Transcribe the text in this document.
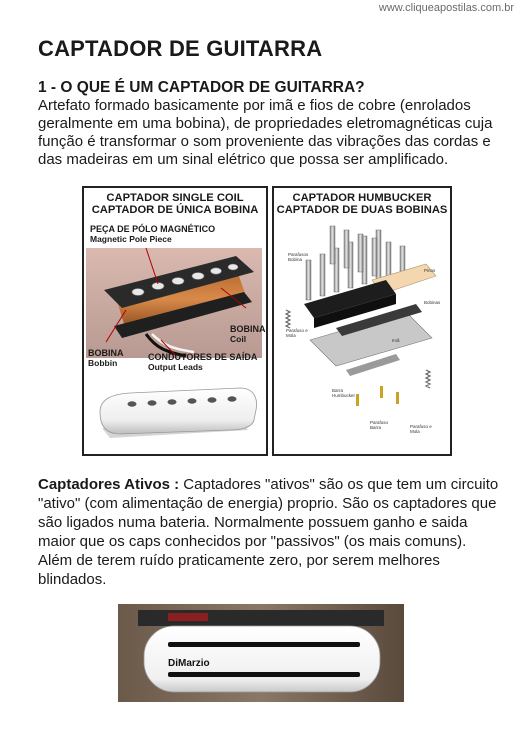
www.cliqueapostilas.com.br
CAPTADOR DE GUITARRA
1 - O QUE É UM CAPTADOR DE GUITARRA?

Artefato formado basicamente por imã e fios de cobre (enrolados geralmente em uma bobina), de propriedades eletromagnéticas cuja função é transformar o som proveniente das vibrações das cordas e das madeiras em um sinal elétrico que possa ser amplificado.

CAPTADOR SINGLE COIL
CAPTADOR DE ÚNICA BOBINA
PEÇA DE PÓLO MAGNÉTICO
Magnetic Pole Piece
BOBINA
Coil
BOBINA
Bobbin
CONDUTORES DE SAÍDA
Output Leads
CAPTADOR HUMBUCKER
CAPTADOR DE DUAS BOBINAS
Parafusos Bobina
Pinos
Bobinas
Parafuso e Mola
Imã
Barra Humbucker
Parafuso Barra	Parafuso e Mola

Captadores Ativos : Captadores "ativos" são os que tem um circuito "ativo" (com alimentação de energia) proprio. São os captadores que são ligados numa bateria. Normalmente possuem ganho e saida maior que os caps conhecidos por "passivos" (os mais comuns). Além de terem ruído praticamente zero, por serem melhores blindados.

DiMarzio
